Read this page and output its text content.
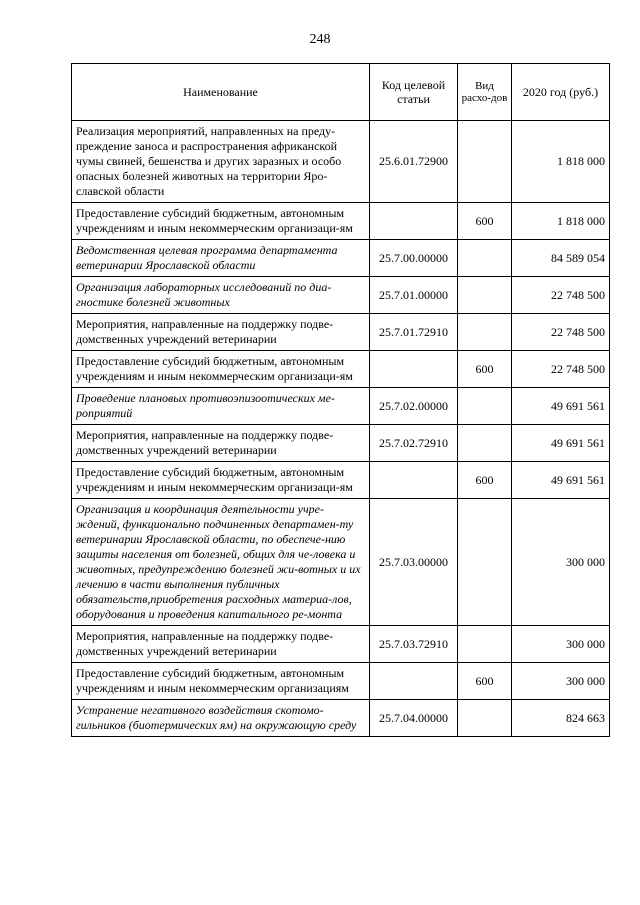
248
Наименование	Код целевой статьи	Вид расхо-дов	2020 год (руб.)
Реализация мероприятий, направленных на преду-преждение заноса и распространения африканской чумы свиней, бешенства и других заразных и особо опасных болезней животных на территории Яро-славской области	25.6.01.72900		1 818 000
Предоставление субсидий бюджетным, автономным учреждениям и иным некоммерческим организаци-ям		600	1 818 000
Ведомственная целевая программа департамента ветеринарии Ярославской области	25.7.00.00000		84 589 054
Организация лабораторных исследований по диа-гностике болезней животных	25.7.01.00000		22 748 500
Мероприятия, направленные на поддержку подве-домственных учреждений ветеринарии	25.7.01.72910		22 748 500
Предоставление субсидий бюджетным, автономным учреждениям и иным некоммерческим организаци-ям		600	22 748 500
Проведение плановых противоэпизоотических ме-роприятий	25.7.02.00000		49 691 561
Мероприятия, направленные на поддержку подве-домственных учреждений ветеринарии	25.7.02.72910		49 691 561
Предоставление субсидий бюджетным, автономным учреждениям и иным некоммерческим организаци-ям		600	49 691 561
Организация и координация деятельности учре-ждений, функционально подчиненных департамен-ту ветеринарии Ярославской области, по обеспече-нию защиты населения от болезней, общих для че-ловека и животных, предупреждению болезней жи-вотных и их лечению в части выполнения публичных обязательств,приобретения расходных материа-лов, оборудования и проведения капитального ре-монта	25.7.03.00000		300 000
Мероприятия, направленные на поддержку подве-домственных учреждений ветеринарии	25.7.03.72910		300 000
Предоставление субсидий бюджетным, автономным учреждениям и иным некоммерческим организациям		600	300 000
Устранение негативного воздействия скотомо-гильников (биотермических ям) на окружающую среду	25.7.04.00000		824 663
